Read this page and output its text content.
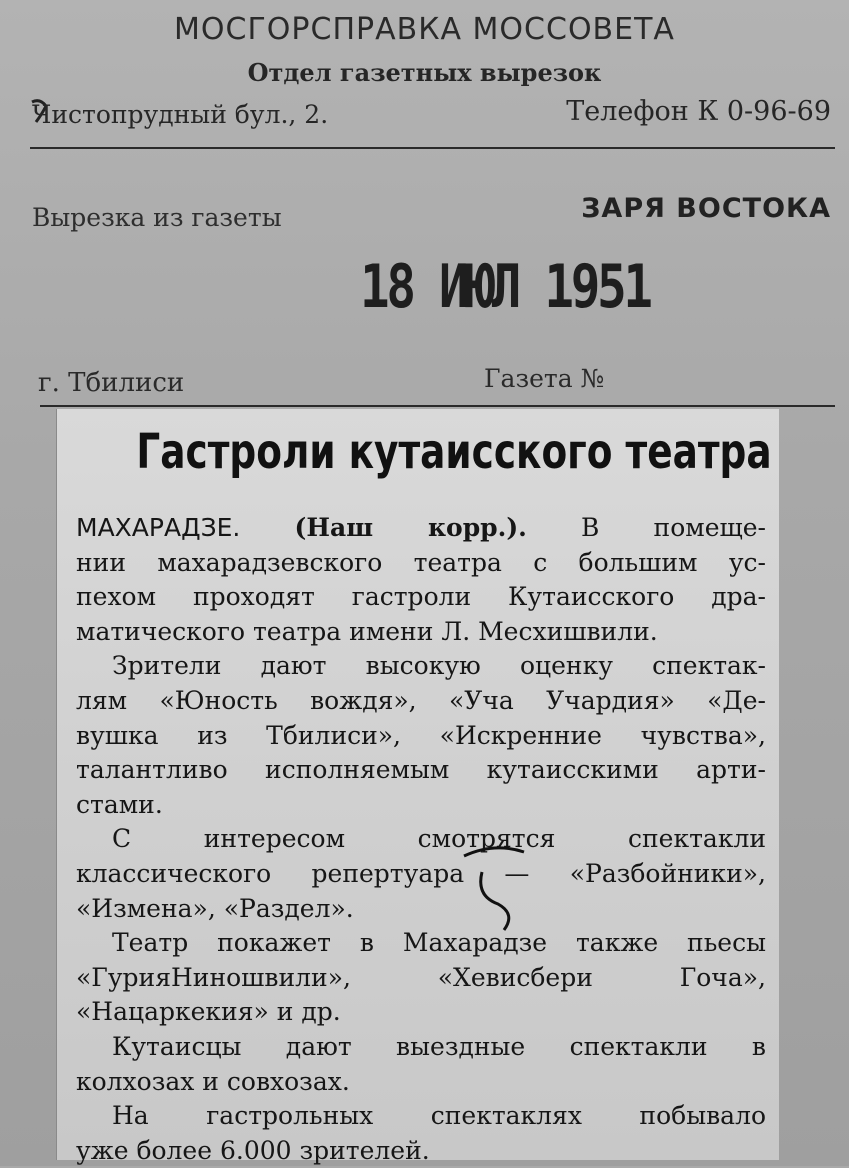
МОСГОРСПРАВКА МОССОВЕТА
Отдел газетных вырезок
Чистопрудный бул., 2.	Телефон К 0-96-69
Вырезка из газеты	ЗАРЯ ВОСТОКА
18 ИЮЛ 1951
г. Тбилиси	Газета №
Гастроли кутаисского театра
МАХАРАДЗЕ. (Наш корр.). В помеще-
нии махарадзевского театра с большим ус-
пехом проходят гастроли Кутаисского дра-
матического театра имени Л. Месхишвили.
Зрители дают высокую оценку спектак-
лям «Юность вождя», «Уча Учардия» «Де-
вушка из Тбилиси», «Искренние чувства»,
талантливо исполняемым кутаисскими арти-
стами.
С интересом смотрятся спектакли
классического репертуара — «Разбойники»,
«Измена», «Раздел».
Театр покажет в Махарадзе также пьесы
«ГурияНиношвили», «Хевисбери Гоча»,
«Нацаркекия» и др.
Кутаисцы дают выездные спектакли в
колхозах и совхозах.
На гастрольных спектаклях побывало
уже более 6.000 зрителей.
